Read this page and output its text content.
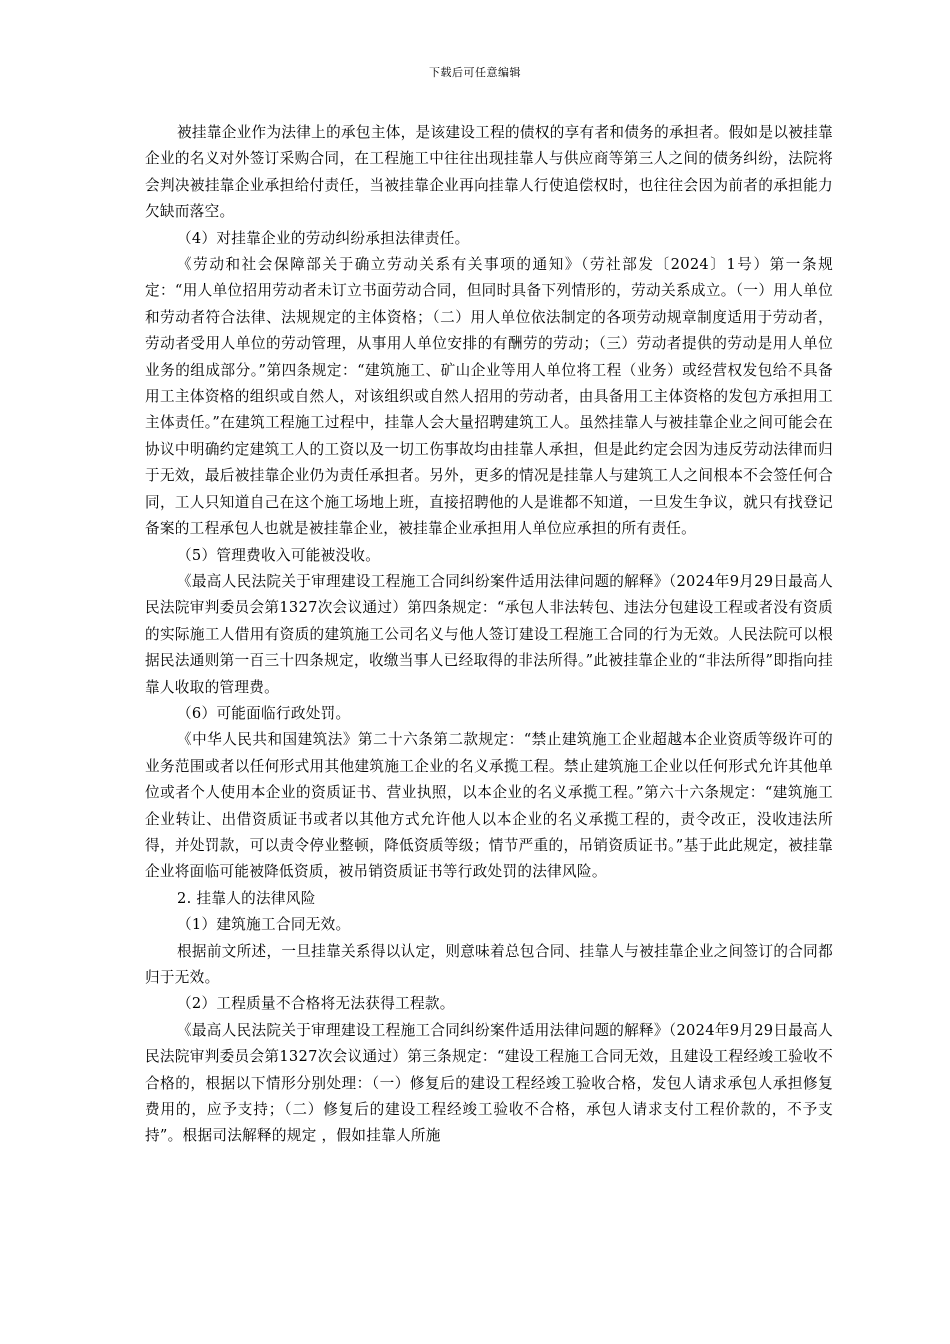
下载后可任意编辑

被挂靠企业作为法律上的承包主体，是该建设工程的债权的享有者和债务的承担者。假如是以被挂靠企业的名义对外签订采购合同，在工程施工中往往出现挂靠人与供应商等第三人之间的债务纠纷，法院将会判决被挂靠企业承担给付责任，当被挂靠企业再向挂靠人行使追偿权时，也往往会因为前者的承担能力欠缺而落空。

（4）对挂靠企业的劳动纠纷承担法律责任。

《劳动和社会保障部关于确立劳动关系有关事项的通知》（劳社部发〔2024〕1号）第一条规定：“用人单位招用劳动者未订立书面劳动合同，但同时具备下列情形的，劳动关系成立。（一）用人单位和劳动者符合法律、法规规定的主体资格；（二）用人单位依法制定的各项劳动规章制度适用于劳动者，劳动者受用人单位的劳动管理，从事用人单位安排的有酬劳的劳动；（三）劳动者提供的劳动是用人单位业务的组成部分。”第四条规定：“建筑施工、矿山企业等用人单位将工程（业务）或经营权发包给不具备用工主体资格的组织或自然人，对该组织或自然人招用的劳动者，由具备用工主体资格的发包方承担用工主体责任。”在建筑工程施工过程中，挂靠人会大量招聘建筑工人。虽然挂靠人与被挂靠企业之间可能会在协议中明确约定建筑工人的工资以及一切工伤事故均由挂靠人承担，但是此约定会因为违反劳动法律而归于无效，最后被挂靠企业仍为责任承担者。另外，更多的情况是挂靠人与建筑工人之间根本不会签任何合同，工人只知道自己在这个施工场地上班，直接招聘他的人是谁都不知道，一旦发生争议，就只有找登记备案的工程承包人也就是被挂靠企业，被挂靠企业承担用人单位应承担的所有责任。

（5）管理费收入可能被没收。

《最高人民法院关于审理建设工程施工合同纠纷案件适用法律问题的解释》（2024年9月29日最高人民法院审判委员会第1327次会议通过）第四条规定：“承包人非法转包、违法分包建设工程或者没有资质的实际施工人借用有资质的建筑施工公司名义与他人签订建设工程施工合同的行为无效。人民法院可以根据民法通则第一百三十四条规定，收缴当事人已经取得的非法所得。”此被挂靠企业的“非法所得”即指向挂靠人收取的管理费。

（6）可能面临行政处罚。

《中华人民共和国建筑法》第二十六条第二款规定：“禁止建筑施工企业超越本企业资质等级许可的业务范围或者以任何形式用其他建筑施工企业的名义承揽工程。禁止建筑施工企业以任何形式允许其他单位或者个人使用本企业的资质证书、营业执照，以本企业的名义承揽工程。”第六十六条规定：“建筑施工企业转让、出借资质证书或者以其他方式允许他人以本企业的名义承揽工程的，责令改正，没收违法所得，并处罚款，可以责令停业整顿，降低资质等级；情节严重的，吊销资质证书。”基于此此规定，被挂靠企业将面临可能被降低资质，被吊销资质证书等行政处罚的法律风险。

2. 挂靠人的法律风险

（1）建筑施工合同无效。

根据前文所述，一旦挂靠关系得以认定，则意味着总包合同、挂靠人与被挂靠企业之间签订的合同都归于无效。

（2）工程质量不合格将无法获得工程款。

《最高人民法院关于审理建设工程施工合同纠纷案件适用法律问题的解释》（2024年9月29日最高人民法院审判委员会第1327次会议通过）第三条规定：“建设工程施工合同无效，且建设工程经竣工验收不合格的，根据以下情形分别处理：（一）修复后的建设工程经竣工验收合格，发包人请求承包人承担修复费用的，应予支持；（二）修复后的建设工程经竣工验收不合格，承包人请求支付工程价款的，不予支持”。根据司法解释的规定 ，假如挂靠人所施
